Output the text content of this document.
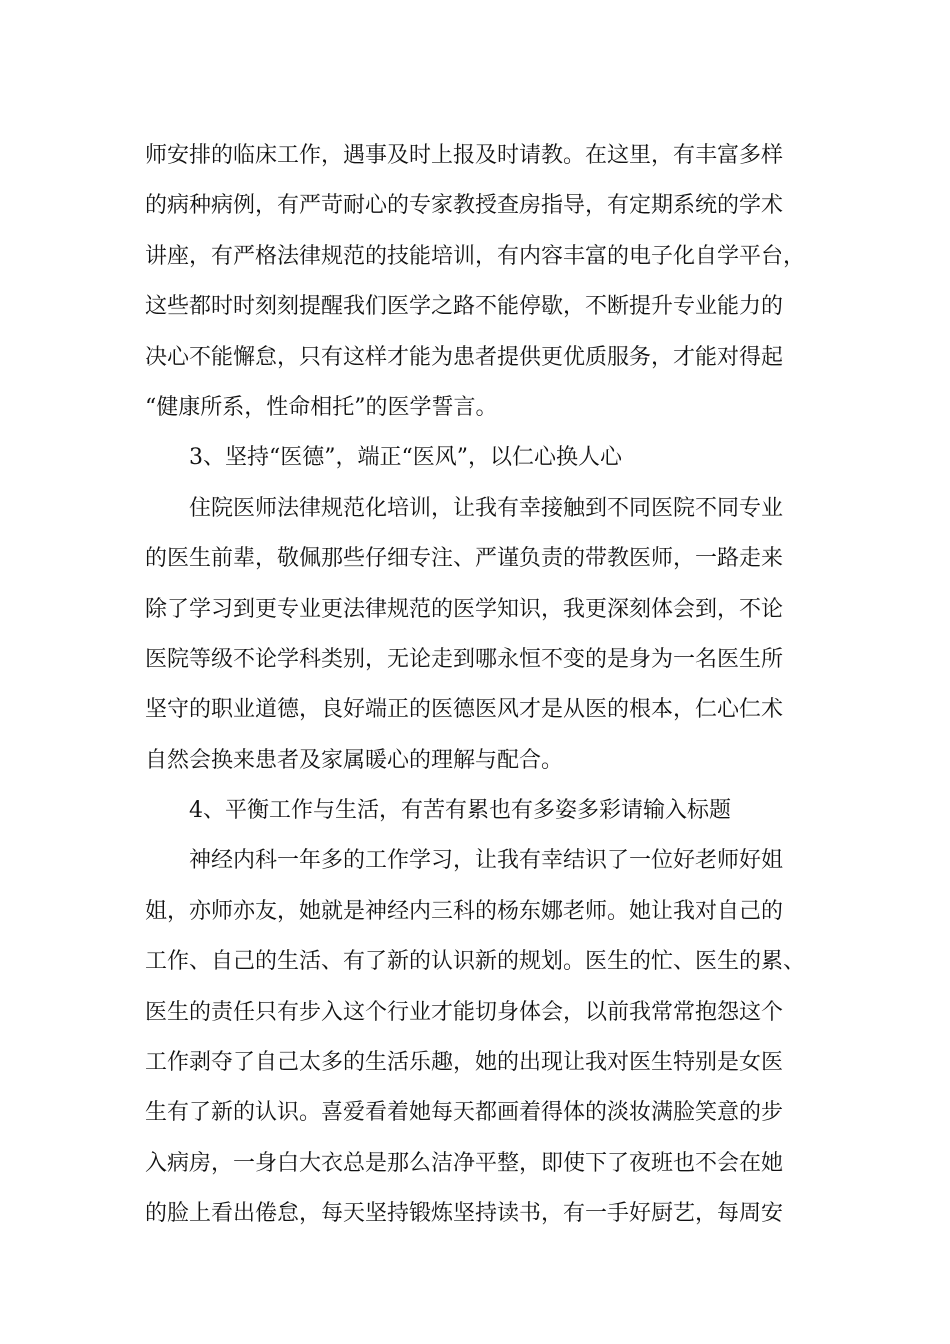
师安排的临床工作，遇事及时上报及时请教。在这里，有丰富多样
的病种病例，有严苛耐心的专家教授查房指导，有定期系统的学术
讲座，有严格法律规范的技能培训，有内容丰富的电子化自学平台，
这些都时时刻刻提醒我们医学之路不能停歇，不断提升专业能力的
决心不能懈怠，只有这样才能为患者提供更优质服务，才能对得起
“健康所系，性命相托”的医学誓言。
3、坚持“医德”，端正“医风”，以仁心换人心
住院医师法律规范化培训，让我有幸接触到不同医院不同专业
的医生前辈，敬佩那些仔细专注、严谨负责的带教医师，一路走来
除了学习到更专业更法律规范的医学知识，我更深刻体会到，不论
医院等级不论学科类别，无论走到哪永恒不变的是身为一名医生所
坚守的职业道德，良好端正的医德医风才是从医的根本，仁心仁术
自然会换来患者及家属暖心的理解与配合。
4、平衡工作与生活，有苦有累也有多姿多彩请输入标题
神经内科一年多的工作学习，让我有幸结识了一位好老师好姐
姐，亦师亦友，她就是神经内三科的杨东娜老师。她让我对自己的
工作、自己的生活、有了新的认识新的规划。医生的忙、医生的累、
医生的责任只有步入这个行业才能切身体会，以前我常常抱怨这个
工作剥夺了自己太多的生活乐趣，她的出现让我对医生特别是女医
生有了新的认识。喜爱看着她每天都画着得体的淡妆满脸笑意的步
入病房，一身白大衣总是那么洁净平整，即使下了夜班也不会在她
的脸上看出倦怠，每天坚持锻炼坚持读书，有一手好厨艺，每周安
